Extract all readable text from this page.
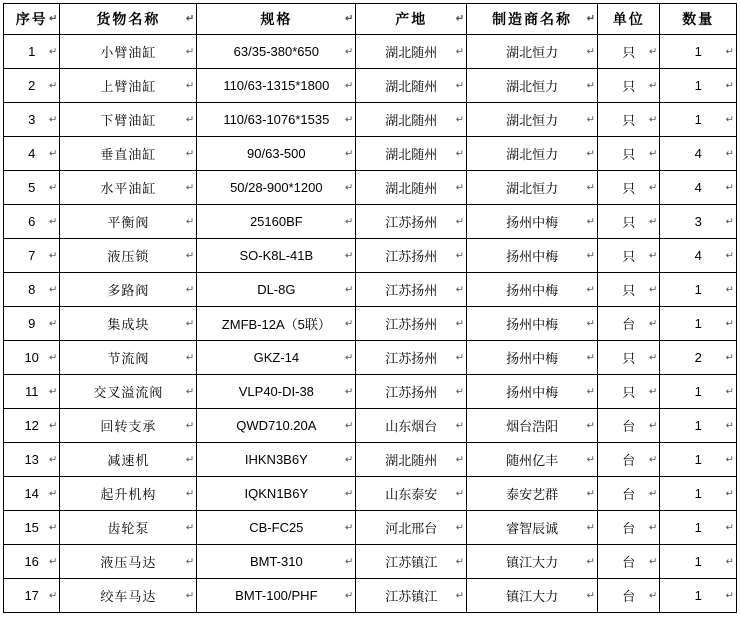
序号 ↵	货物名称 ↵	规格 ↵	产地 ↵	制造商名称 ↵	单位	数量

1 ↵	小臂油缸 ↵	63/35-380*650 ↵	湖北随州 ↵	湖北恒力 ↵	只 ↵	1 ↵

2 ↵	上臂油缸 ↵	110/63-1315*1800 ↵	湖北随州 ↵	湖北恒力 ↵	只 ↵	1 ↵

3 ↵	下臂油缸 ↵	110/63-1076*1535 ↵	湖北随州 ↵	湖北恒力 ↵	只 ↵	1 ↵

4 ↵	垂直油缸 ↵	90/63-500 ↵	湖北随州 ↵	湖北恒力 ↵	只 ↵	4 ↵

5 ↵	水平油缸 ↵	50/28-900*1200 ↵	湖北随州 ↵	湖北恒力 ↵	只 ↵	4 ↵

6 ↵	平衡阀 ↵	25160BF ↵	江苏扬州 ↵	扬州中梅 ↵	只 ↵	3 ↵

7 ↵	液压锁 ↵	SO-K8L-41B ↵	江苏扬州 ↵	扬州中梅 ↵	只 ↵	4 ↵

8 ↵	多路阀 ↵	DL-8G ↵	江苏扬州 ↵	扬州中梅 ↵	只 ↵	1 ↵

9 ↵	集成块 ↵	ZMFB-12A（5联） ↵	江苏扬州 ↵	扬州中梅 ↵	台 ↵	1 ↵

10 ↵	节流阀 ↵	GKZ-14 ↵	江苏扬州 ↵	扬州中梅 ↵	只 ↵	2 ↵

11 ↵	交叉溢流阀 ↵	VLP40-DI-38 ↵	江苏扬州 ↵	扬州中梅 ↵	只 ↵	1 ↵

12 ↵	回转支承 ↵	QWD710.20A ↵	山东烟台 ↵	烟台浩阳 ↵	台 ↵	1 ↵

13 ↵	减速机 ↵	IHKN3B6Y ↵	湖北随州 ↵	随州亿丰 ↵	台 ↵	1 ↵

14 ↵	起升机构 ↵	IQKN1B6Y ↵	山东泰安 ↵	泰安艺群 ↵	台 ↵	1 ↵

15 ↵	齿轮泵 ↵	CB-FC25 ↵	河北邢台 ↵	睿智辰诚 ↵	台 ↵	1 ↵

16 ↵	液压马达 ↵	BMT-310 ↵	江苏镇江 ↵	镇江大力 ↵	台 ↵	1 ↵

17 ↵	绞车马达 ↵	BMT-100/PHF ↵	江苏镇江 ↵	镇江大力 ↵	台 ↵	1 ↵
